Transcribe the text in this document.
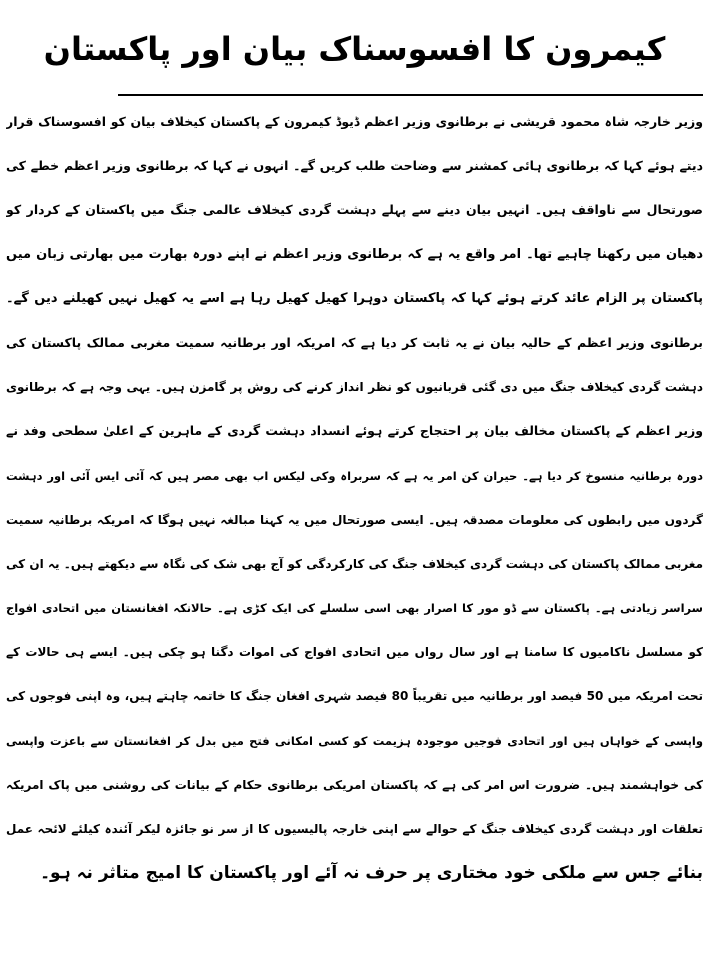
کیمرون کا افسوسناک بیان اور پاکستان
وزیر خارجہ شاہ محمود قریشی نے برطانوی وزیر اعظم ڈیوڈ کیمرون کے پاکستان کیخلاف بیان کو افسوسناک قرار
دیتے ہوئے کہا کہ برطانوی ہائی کمشنر سے وضاحت طلب کریں گے۔ انہوں نے کہا کہ برطانوی وزیر اعظم خطے کی
صورتحال سے ناواقف ہیں۔ انہیں بیان دینے سے پہلے دہشت گردی کیخلاف عالمی جنگ میں پاکستان کے کردار کو
دھیان میں رکھنا چاہیے تھا۔ امر واقع یہ ہے کہ برطانوی وزیر اعظم نے اپنے دورہ بھارت میں بھارتی زبان میں
پاکستان پر الزام عائد کرتے ہوئے کہا کہ پاکستان دوہرا کھیل کھیل رہا ہے اسے یہ کھیل نہیں کھیلنے دیں گے۔
برطانوی وزیر اعظم کے حالیہ بیان نے یہ ثابت کر دیا ہے کہ امریکہ اور برطانیہ سمیت مغربی ممالک پاکستان کی
دہشت گردی کیخلاف جنگ میں دی گئی قربانیوں کو نظر انداز کرنے کی روش پر گامزن ہیں۔ یہی وجہ ہے کہ برطانوی
وزیر اعظم کے پاکستان مخالف بیان پر احتجاج کرتے ہوئے انسداد دہشت گردی کے ماہرین کے اعلیٰ سطحی وفد نے
دورہ برطانیہ منسوخ کر دیا ہے۔ حیران کن امر یہ ہے کہ سربراہ وکی لیکس اب بھی مصر ہیں کہ آئی ایس آئی اور دہشت
گردوں میں رابطوں کی معلومات مصدقہ ہیں۔ ایسی صورتحال میں یہ کہنا مبالغہ نہیں ہوگا کہ امریکہ برطانیہ سمیت
مغربی ممالک پاکستان کی دہشت گردی کیخلاف جنگ کی کارکردگی کو آج بھی شک کی نگاہ سے دیکھتے ہیں۔ یہ ان کی
سراسر زیادتی ہے۔ پاکستان سے ڈو مور کا اصرار بھی اسی سلسلے کی ایک کڑی ہے۔ حالانکہ افغانستان میں اتحادی افواج
کو مسلسل ناکامیوں کا سامنا ہے اور سال رواں میں اتحادی افواج کی اموات دگنا ہو چکی ہیں۔ ایسے ہی حالات کے
تحت امریکہ میں 50 فیصد اور برطانیہ میں تقریباً 80 فیصد شہری افغان جنگ کا خاتمہ چاہتے ہیں، وہ اپنی فوجوں کی
واپسی کے خواہاں ہیں اور اتحادی فوجیں موجودہ ہزیمت کو کسی امکانی فتح میں بدل کر افغانستان سے باعزت واپسی
کی خواہشمند ہیں۔ ضرورت اس امر کی ہے کہ پاکستان امریکی برطانوی حکام کے بیانات کی روشنی میں پاک امریکہ
تعلقات اور دہشت گردی کیخلاف جنگ کے حوالے سے اپنی خارجہ پالیسیوں کا از سر نو جائزہ لیکر آئندہ کیلئے لائحہ عمل
بنائے جس سے ملکی خود مختاری پر حرف نہ آئے اور پاکستان کا امیج متاثر نہ ہو۔
